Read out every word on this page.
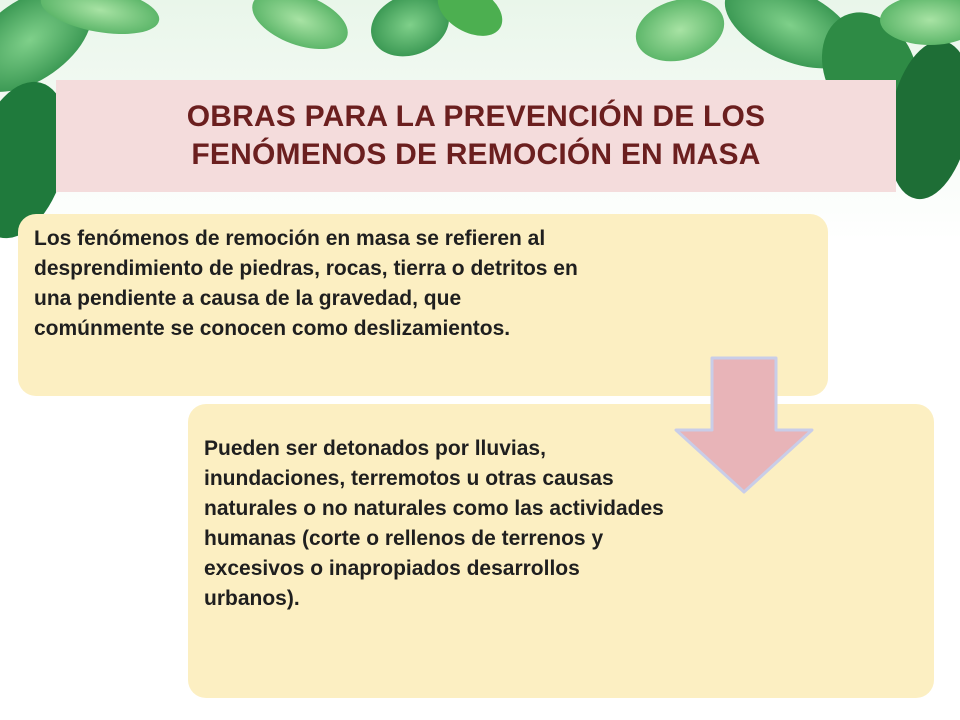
OBRAS PARA LA PREVENCIÓN DE LOS FENÓMENOS DE REMOCIÓN EN MASA

Los fenómenos de remoción en masa se refieren al desprendimiento de piedras, rocas, tierra o detritos en una pendiente a causa de la gravedad, que comúnmente se conocen como deslizamientos.

Pueden ser detonados por lluvias, inundaciones, terremotos u otras causas naturales o no naturales como las actividades humanas (corte o rellenos de terrenos y excesivos o inapropiados desarrollos urbanos).
